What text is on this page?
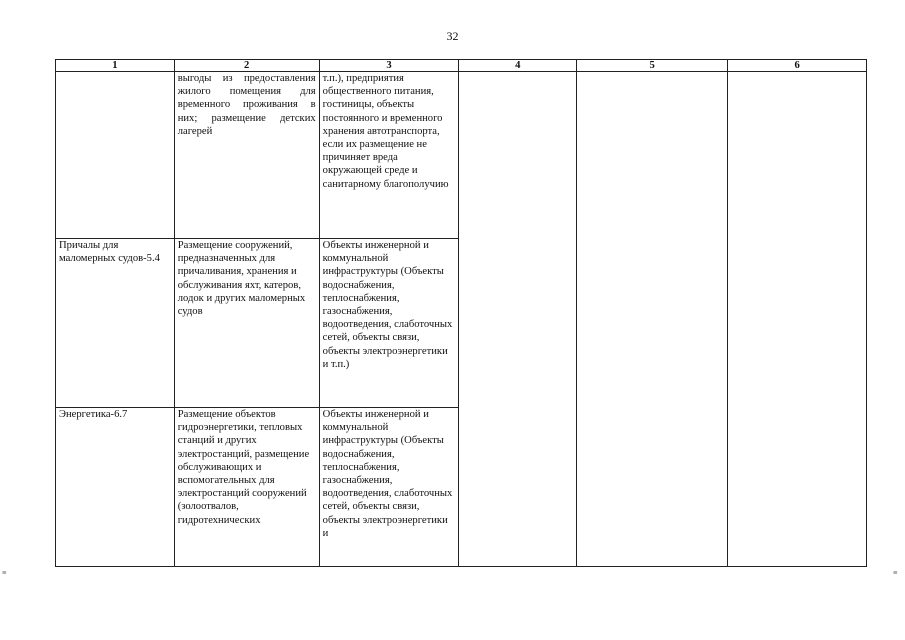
32
1	2	3	4	5	6
	выгоды из предоставления жилого помещения для временного проживания в них; размещение детских лагерей	т.п.), предприятия общественного питания, гостиницы, объекты постоянного и временного хранения автотранспорта, если их размещение не причиняет вреда окружающей среде и санитарному благополучию			
Причалы для маломерных судов-5.4	Размещение сооружений, предназначенных для причаливания, хранения и обслуживания яхт, катеров, лодок и других маломерных судов	Объекты инженерной и коммунальной инфраструктуры (Объекты водоснабжения, теплоснабжения, газоснабжения, водоотведения, слаботочных сетей, объекты связи, объекты электроэнергетики и т.п.)			
Энергетика-6.7	Размещение объектов гидроэнергетики, тепловых станций и других электростанций, размещение обслуживающих и вспомогательных для электростанций сооружений (золоотвалов, гидротехнических	Объекты инженерной и коммунальной инфраструктуры (Объекты водоснабжения, теплоснабжения, газоснабжения, водоотведения, слаботочных сетей, объекты связи, объекты электроэнергетики и			
≡	≡
